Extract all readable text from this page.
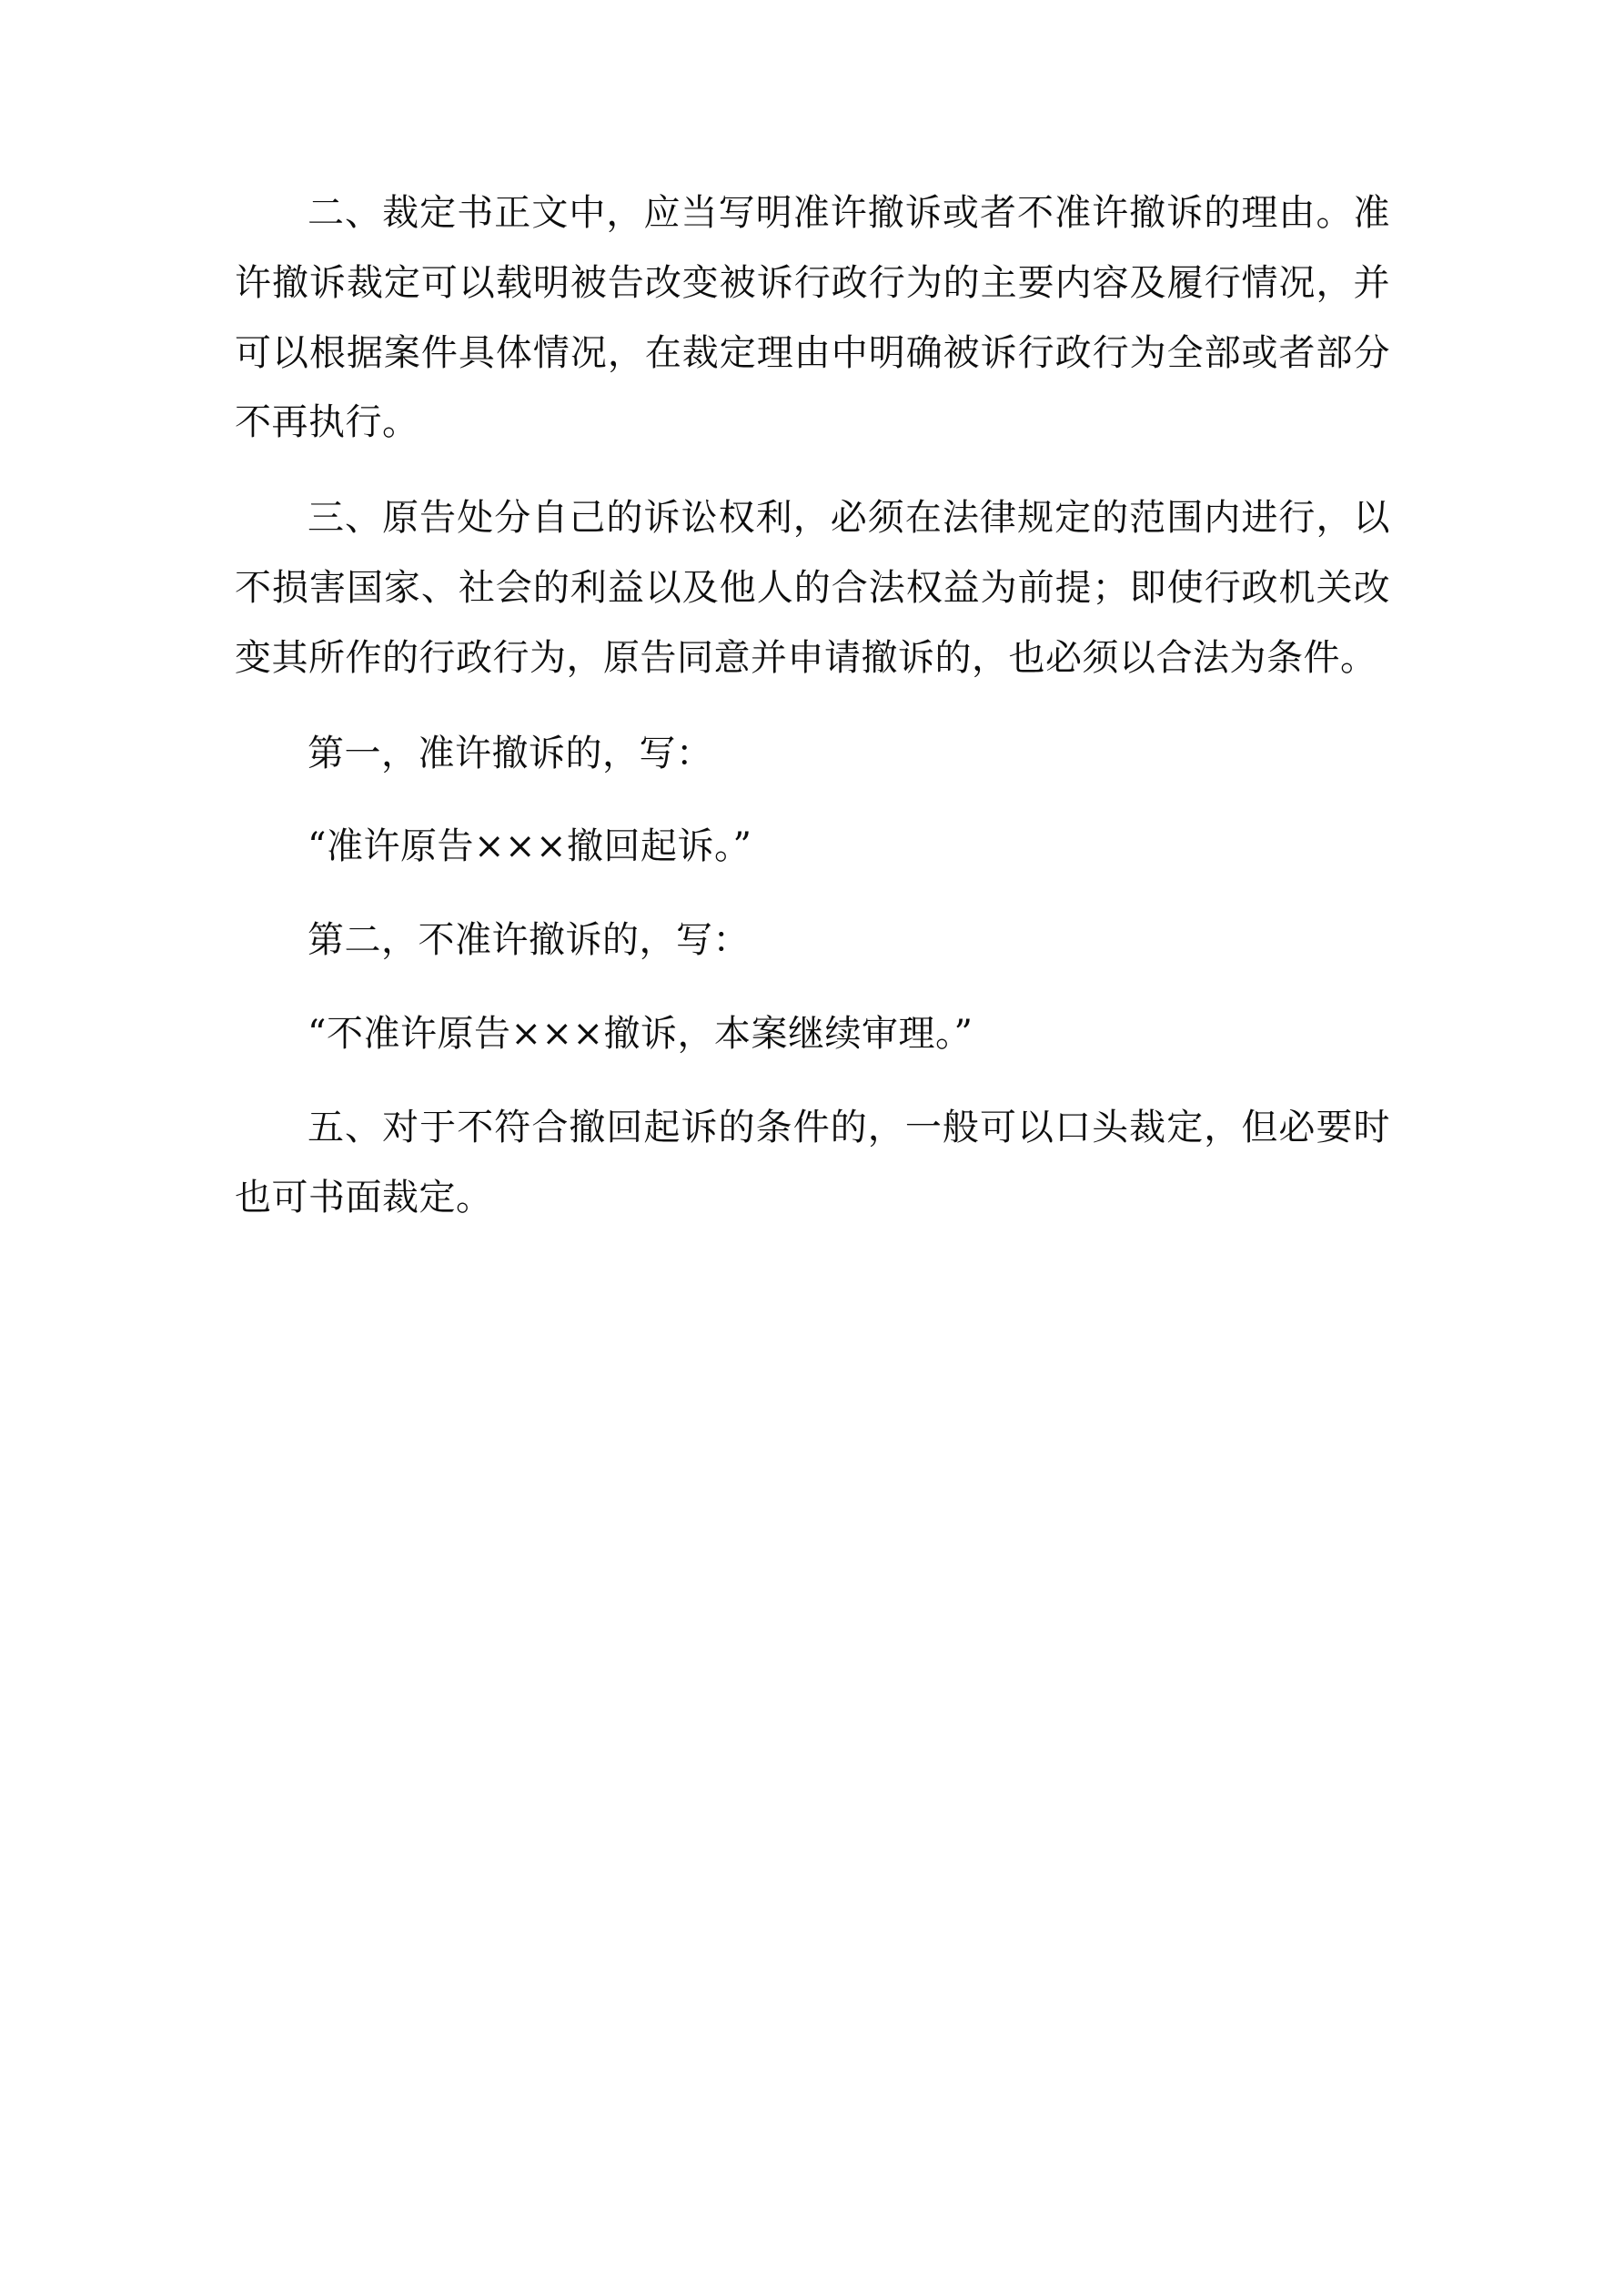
二、裁定书正文中，应当写明准许撤诉或者不准许撤诉的理由。准许撤诉裁定可以载明被告改变被诉行政行为的主要内容及履行情况，并可以根据案件具体情况，在裁定理由中明确被诉行政行为全部或者部分不再执行。

三、原告处分自己的诉讼权利，必须在法律规定的范围内进行，以不损害国家、社会的利益以及他人的合法权益为前提；即使行政机关改变其所作的行政行为，原告同意并申请撤诉的，也必须以合法为条件。

第一，准许撤诉的，写：

“准许原告×××撤回起诉。”

第二，不准许撤诉的，写：

“不准许原告×××撤诉，本案继续审理。”

五、对于不符合撤回起诉的条件的，一般可以口头裁定，但必要时也可书面裁定。
